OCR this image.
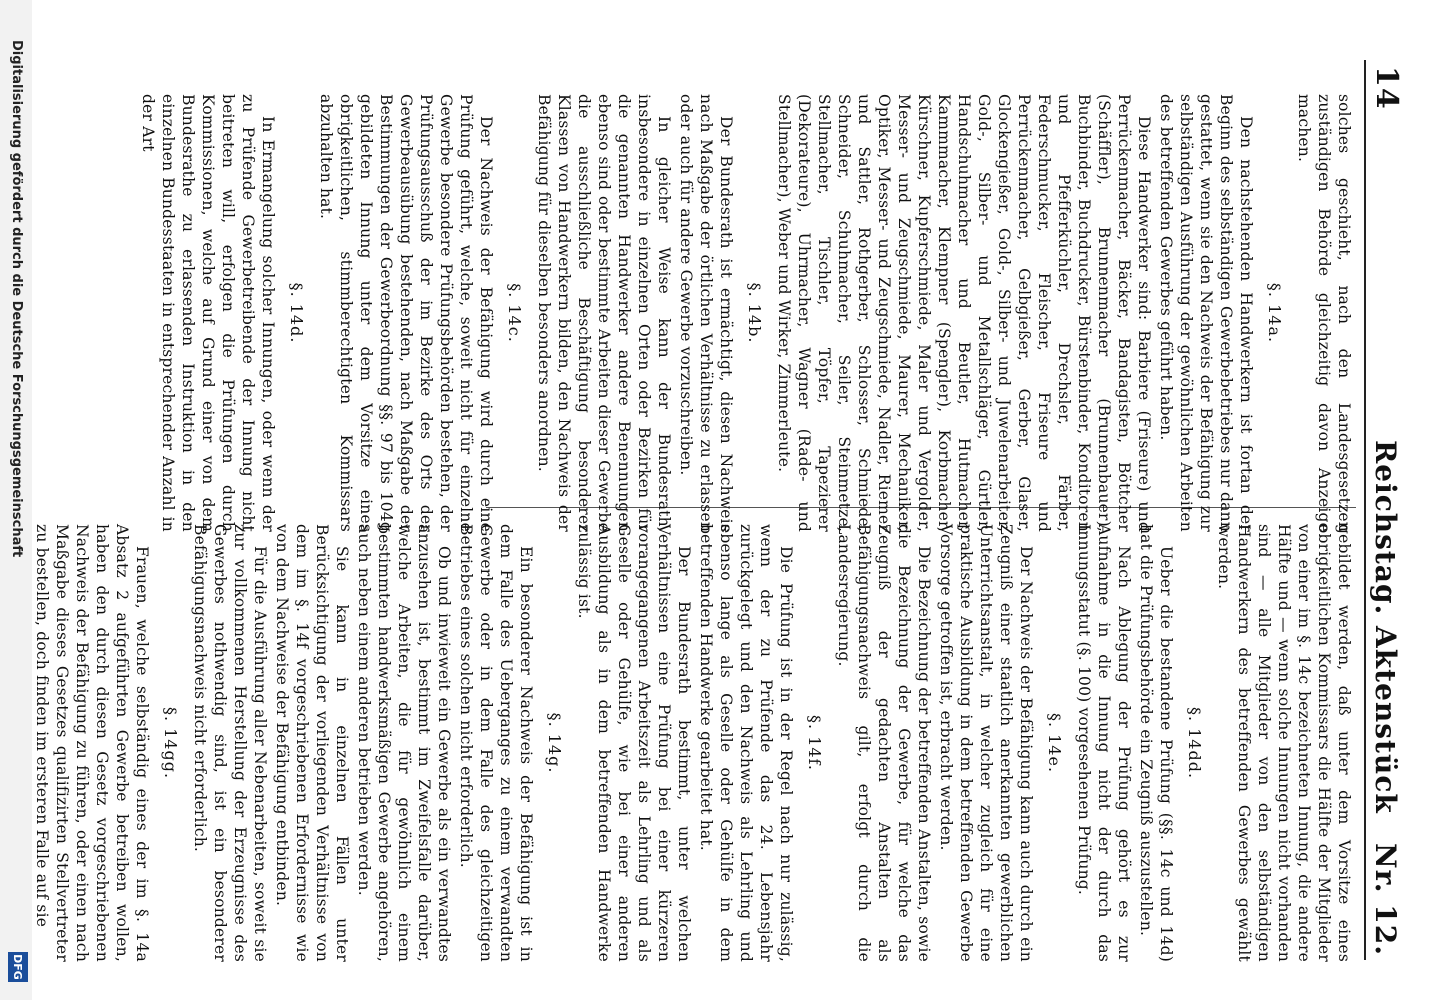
14
Reichstag. Aktenstück
Nr. 12.

solches geschieht, nach den Landesgesetzen zuständigen Behörde gleichzeitig davon Anzeige machen.

§. 14a.

Den nachstehenden Handwerkern ist fortan der Beginn des selbständigen Gewerbebetriebes nur dann gestattet, wenn sie den Nachweis der Befähigung zur selbständigen Ausführung der gewöhnlichen Arbeiten des betreffenden Gewerbes geführt haben.

Diese Handwerker sind: Barbiere (Friseure) und Perrückenmacher, Bäcker, Bandagisten, Böttcher (Schäffler), Brunnenmacher (Brunnenbauer), Buchbinder, Buchdrucker, Bürstenbinder, Konditoren und Pfefferküchler, Drechsler, Färber, Federschmucker, Fleischer, Friseure und Perrückenmacher, Gelbgießer, Gerber, Glaser, Glockengießer, Gold-, Silber- und Juwelenarbeiter, Gold-, Silber- und Metallschläger, Gürtler, Handschuhmacher und Beutler, Hutmacher, Kammmacher, Klempner (Spengler), Korbmacher, Kürschner, Kupferschmiede, Maler und Vergolder, Messer- und Zeugschmiede, Maurer, Mechaniker, Optiker, Messer- und Zeugschmiede, Nadler, Riemer und Sattler, Rothgerber, Schlosser, Schmiede, Schneider, Schuhmacher, Seiler, Steinmetze, Stellmacher, Tischler, Töpfer, Tapezierer (Dekorateure), Uhrmacher, Wagner (Rade- und Stellmacher), Weber und Wirker, Zimmerleute.

§. 14b.

Der Bundesrath ist ermächtigt, diesen Nachweis nach Maßgabe der örtlichen Verhältnisse zu erlassen oder auch für andere Gewerbe vorzuschreiben.

In gleicher Weise kann der Bundesrath, insbesondere in einzelnen Orten oder Bezirken für die genannten Handwerker andere Benennungen ebenso sind oder bestimmte Arbeiten dieser Gewerbe die ausschließliche Beschäftigung besonderer Klassen von Handwerkern bilden, den Nachweis der Befähigung für dieselben besonders anordnen.

§. 14c.

Der Nachweis der Befähigung wird durch eine Prüfung geführt, welche, soweit nicht für einzelne Gewerbe besondere Prüfungsbehörden bestehen, der Prüfungsausschuß der im Bezirke des Orts der Gewerbeausübung bestehenden, nach Maßgabe der Bestimmungen der Gewerbeordnung §§. 97 bis 104g gebildeten Innung unter dem Vorsitze eines obrigkeitlichen, stimmberechtigten Kommissars abzuhalten hat.

§. 14d.

In Ermangelung solcher Innungen, oder wenn der zu Prüfende Gewerbetreibende der Innung nicht beitreten will, erfolgen die Prüfungen durch Kommissionen, welche auf Grund einer von dem Bundesrathe zu erlassenden Instruktion in den einzelnen Bundesstaaten in entsprechender Anzahl in der Art

gebildet werden, daß unter dem Vorsitze eines obrigkeitlichen Kommissars die Hälfte der Mitglieder von einer im §. 14c bezeichneten Innung, die andere Hälfte und — wenn solche Innungen nicht vorhanden sind — alle Mitglieder von den selbständigen Handwerkern des betreffenden Gewerbes gewählt werden.

§. 14dd.

Ueber die bestandene Prüfung (§§. 14c und 14d) hat die Prüfungsbehörde ein Zeugniß auszustellen.

Nach Ablegung der Prüfung gehört es zur Aufnahme in die Innung nicht der durch das Innungsstatut (§. 100) vorgesehenen Prüfung.

§. 14e.

Der Nachweis der Befähigung kann auch durch ein Zeugniß einer staatlich anerkannten gewerblichen Unterrichtsanstalt, in welcher zugleich für eine praktische Ausbildung in dem betreffenden Gewerbe Vorsorge getroffen ist, erbracht werden.

Die Bezeichnung der betreffenden Anstalten, sowie die Bezeichnung der Gewerbe, für welche das Zeugniß der gedachten Anstalten als Befähigungsnachweis gilt, erfolgt durch die Landesregierung.

§. 14f.

Die Prüfung ist in der Regel nach nur zulässig, wenn der zu Prüfende das 24. Lebensjahr zurückgelegt und den Nachweis als Lehrling und ebenso lange als Geselle oder Gehülfe in dem betreffenden Handwerke gearbeitet hat.

Der Bundesrath bestimmt, unter welchen Verhältnissen eine Prüfung bei einer kürzeren vorangegangenen Arbeitszeit als Lehrling und als Geselle oder Gehülfe, wie bei einer anderen Ausbildung als in dem betreffenden Handwerke zulässig ist.

§. 14g.

Ein besonderer Nachweis der Befähigung ist in dem Falle des Ueberganges zu einem verwandten Gewerbe oder in dem Falle des gleichzeitigen Betriebes eines solchen nicht erforderlich.

Ob und inwieweit ein Gewerbe als ein verwandtes anzusehen ist, bestimmt im Zweifelsfalle darüber, welche Arbeiten, die für gewöhnlich einem bestimmten handwerksmäßigen Gewerbe angehören, auch neben einem anderen betrieben werden.

Sie kann in einzelnen Fällen unter Berücksichtigung der vorliegenden Verhältnisse von dem im §. 14f vorgeschriebenen Erfordernisse wie von dem Nachweise der Befähigung entbinden.

Für die Ausführung aller Nebenarbeiten, soweit sie zur vollkommenen Herstellung der Erzeugnisse des Gewerbes nothwendig sind, ist ein besonderer Befähigungsnachweis nicht erforderlich.

§. 14gg.

Frauen, welche selbständig eines der im §. 14a Absatz 2 aufgeführten Gewerbe betreiben wollen, haben den durch diesen Gesetz vorgeschriebenen Nachweis der Befähigung zu führen, oder einen nach Maßgabe dieses Gesetzes qualifizirten Stellvertreter zu bestellen, doch finden im ersteren Falle auf sie

Digitalisierung gefördert durch die Deutsche Forschungsgemeinschaft
DFG
